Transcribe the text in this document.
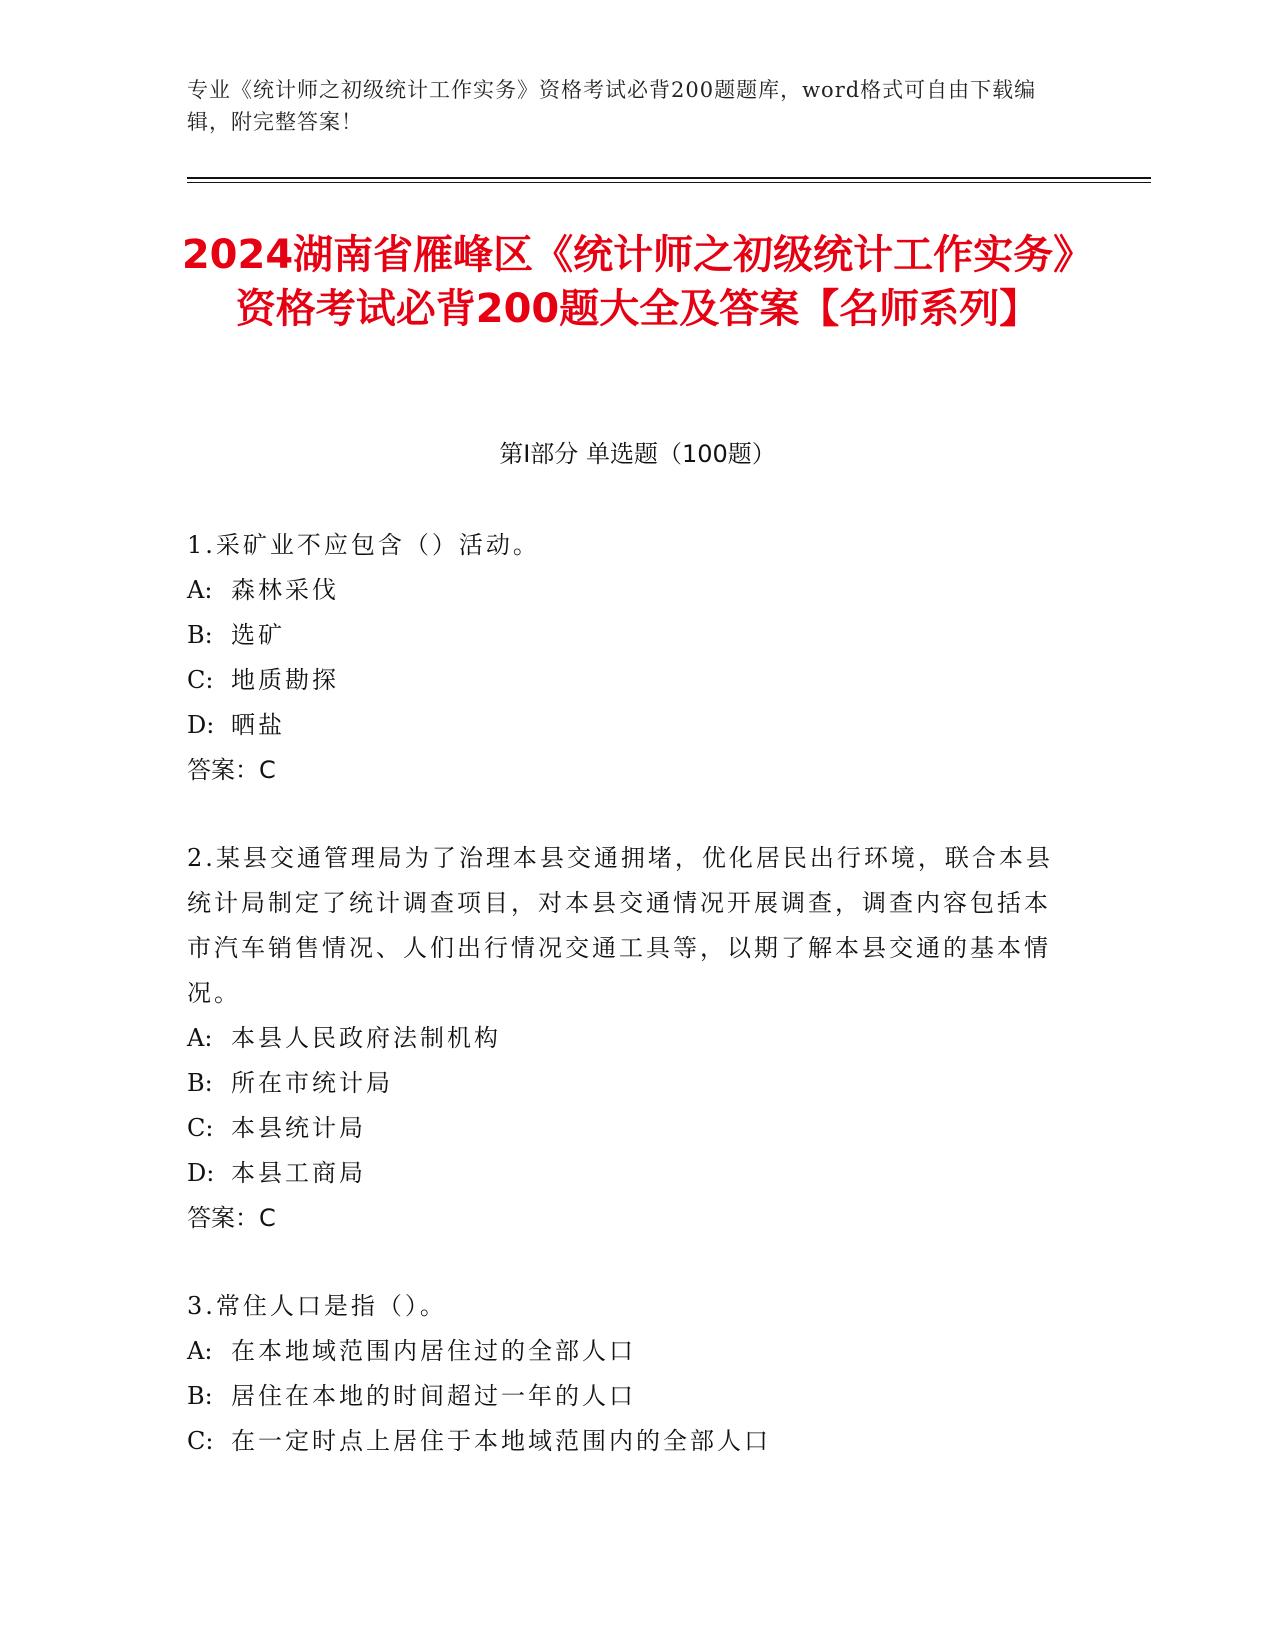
专业《统计师之初级统计工作实务》资格考试必背200题题库，word格式可自由下载编辑，附完整答案！
2024湖南省雁峰区《统计师之初级统计工作实务》资格考试必背200题大全及答案【名师系列】
第Ⅰ部分 单选题（100题）
1.采矿业不应包含（）活动。
A: 森林采伐
B: 选矿
C: 地质勘探
D: 晒盐
答案：C
2.某县交通管理局为了治理本县交通拥堵，优化居民出行环境，联合本县统计局制定了统计调查项目，对本县交通情况开展调查，调查内容包括本市汽车销售情况、人们出行情况交通工具等，以期了解本县交通的基本情况。
A: 本县人民政府法制机构
B: 所在市统计局
C: 本县统计局
D: 本县工商局
答案：C
3.常住人口是指（）。
A: 在本地域范围内居住过的全部人口
B: 居住在本地的时间超过一年的人口
C: 在一定时点上居住于本地域范围内的全部人口
